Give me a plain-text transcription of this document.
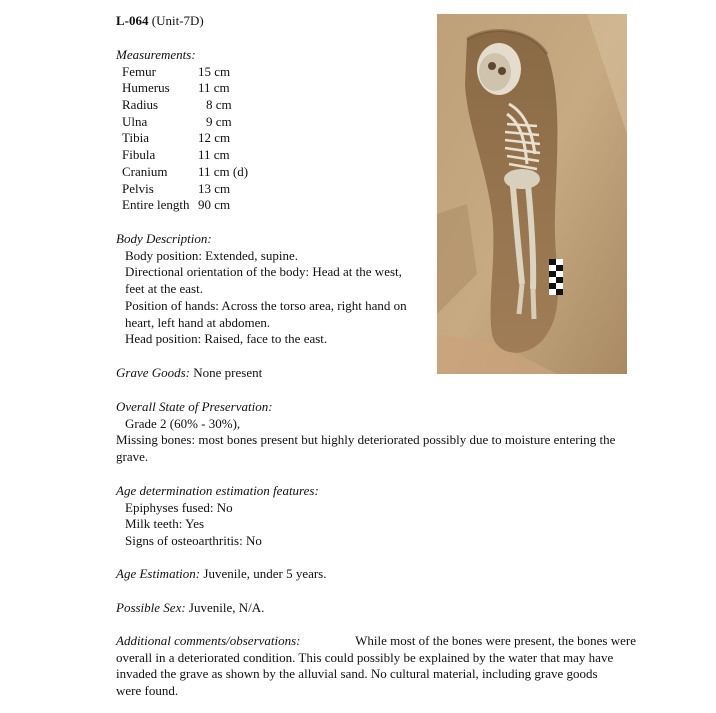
L-064 (Unit-7D)
Measurements:
Femur	15 cm
Humerus	11 cm
Radius	8 cm
Ulna	9 cm
Tibia	12 cm
Fibula	11 cm
Cranium	11 cm (d)
Pelvis	13 cm
Entire length 90 cm
Body Description:
Body position: Extended, supine.
Directional orientation of the body: Head at the west,
feet at the east.
Position of hands: Across the torso area, right hand on
heart, left hand at abdomen.
Head position: Raised, face to the east.
Grave Goods: None present
Overall State of Preservation:
Grade 2 (60% - 30%),
Missing bones: most bones present but highly deteriorated possibly due to moisture entering the
grave.
Age determination estimation features:
Epiphyses fused: No
Milk teeth: Yes
Signs of osteoarthritis: No
Age Estimation: Juvenile, under 5 years.
Possible Sex: Juvenile, N/A.
Additional comments/observations:	While most of the bones were present, the bones were
overall in a deteriorated condition. This could possibly be explained by the water that may have
invaded the grave as shown by the alluvial sand. No cultural material, including grave goods
were found.
